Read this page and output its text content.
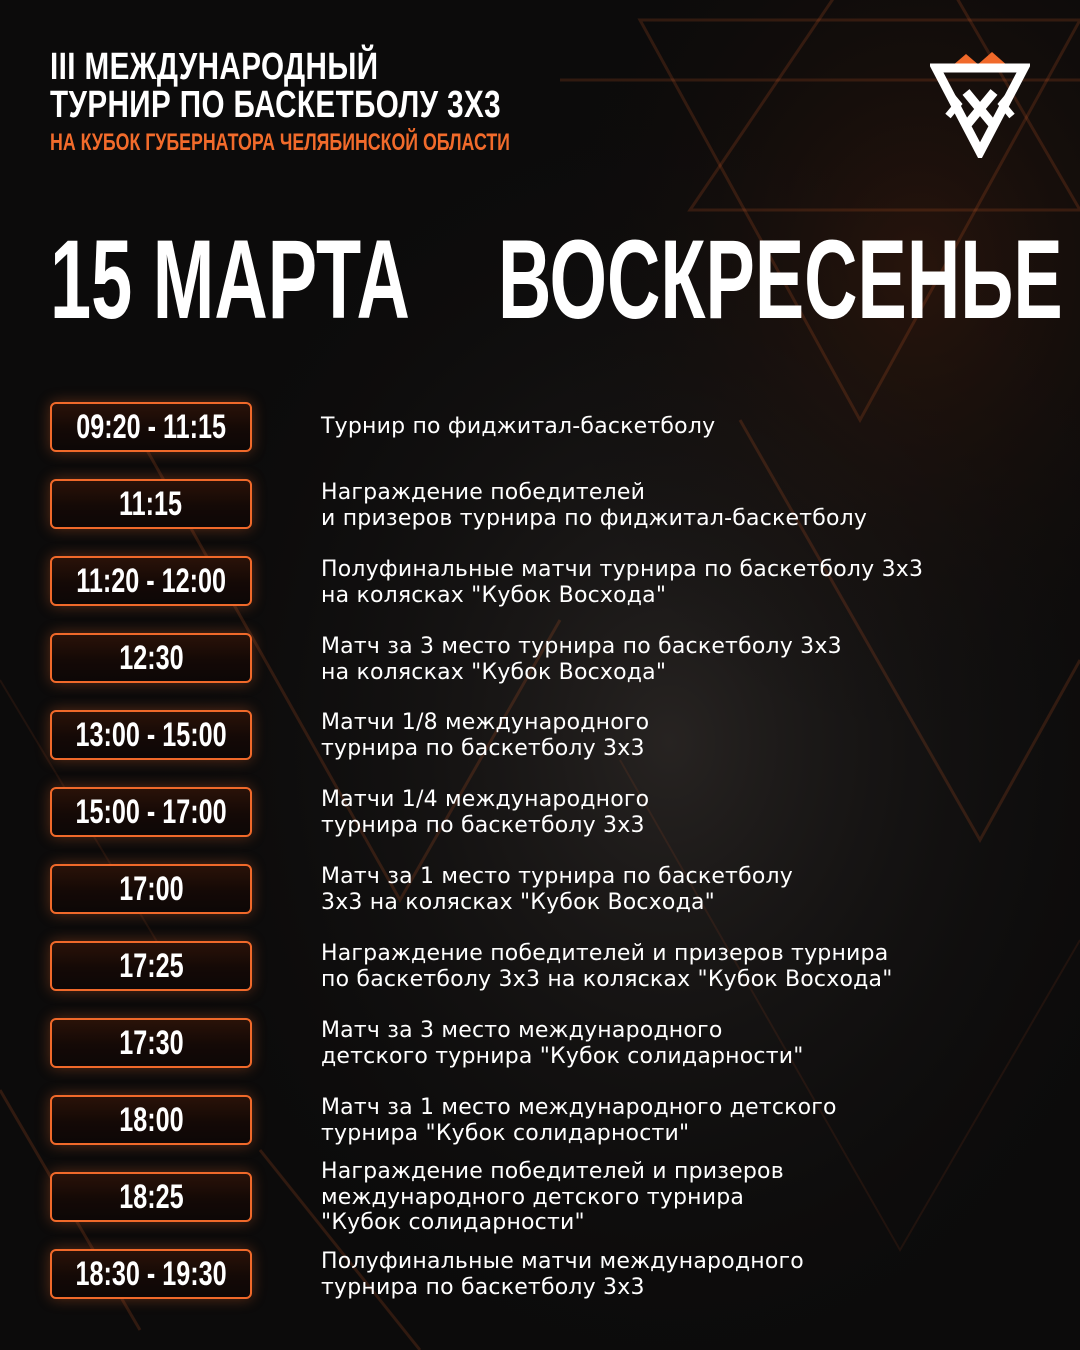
III МЕЖДУНАРОДНЫЙ
ТУРНИР ПО БАСКЕТБОЛУ 3Х3
НА КУБОК ГУБЕРНАТОРА ЧЕЛЯБИНСКОЙ ОБЛАСТИ
15 МАРТА ВОСКРЕСЕНЬЕ
09:20 - 11:15	Турнир по фиджитал-баскетболу
11:15	Награждение победителей
и призеров турнира по фиджитал-баскетболу
11:20 - 12:00	Полуфинальные матчи турнира по баскетболу 3х3
на колясках "Кубок Восхода"
12:30	Матч за 3 место турнира по баскетболу 3х3
на колясках "Кубок Восхода"
13:00 - 15:00	Матчи 1/8 международного
турнира по баскетболу 3х3
15:00 - 17:00	Матчи 1/4 международного
турнира по баскетболу 3х3
17:00	Матч за 1 место турнира по баскетболу
3х3 на колясках "Кубок Восхода"
17:25	Награждение победителей и призеров турнира
по баскетболу 3х3 на колясках "Кубок Восхода"
17:30	Матч за 3 место международного
детского турнира "Кубок солидарности"
18:00	Матч за 1 место международного детского
турнира "Кубок солидарности"
18:25
Награждение победителей и призеров
международного детского турнира
"Кубок солидарности"
18:30 - 19:30	Полуфинальные матчи международного
турнира по баскетболу 3х3
